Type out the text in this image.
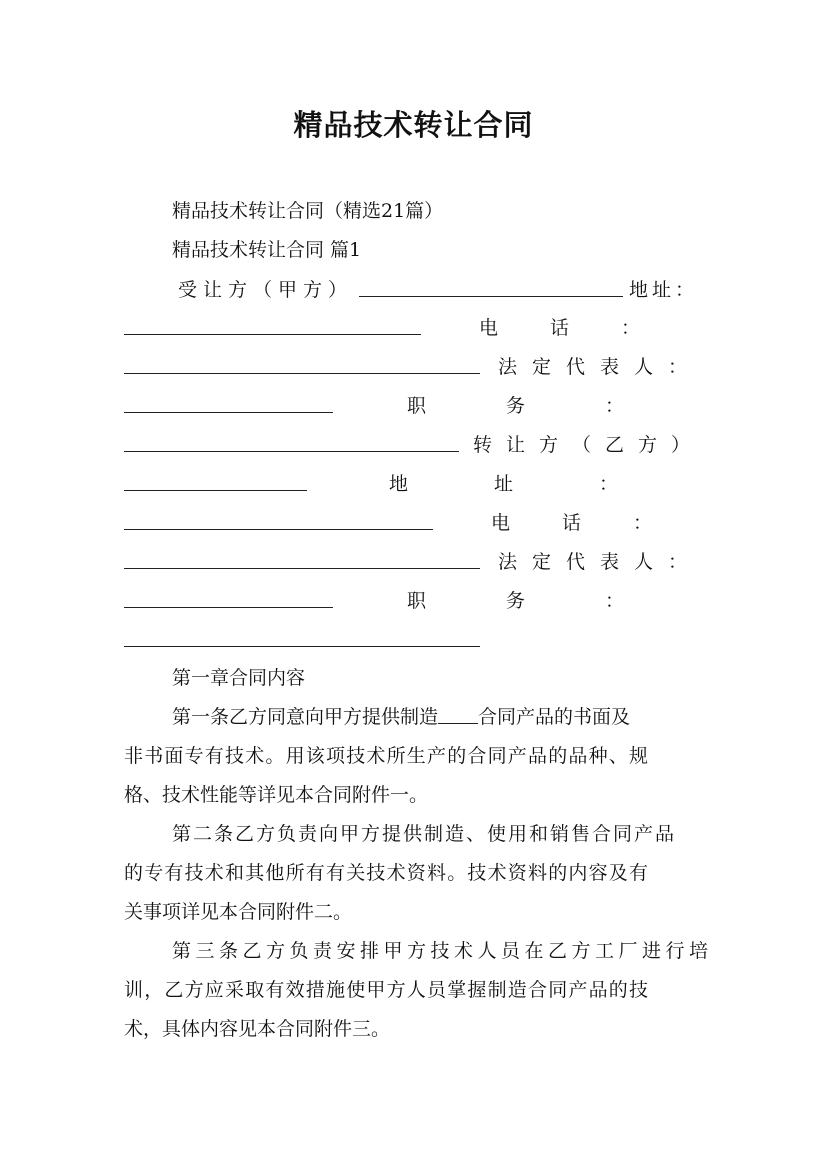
精品技术转让合同
精品技术转让合同（精选21篇）
精品技术转让合同 篇1
受让方（甲方）	地址：
电话：
法定代表人：
职务：
转让方（乙方）
地址：
电话：
法定代表人：
职务：
第一章合同内容
第一条乙方同意向甲方提供制造 合同产品的书面及
非书面专有技术。用该项技术所生产的合同产品的品种、规
格、技术性能等详见本合同附件一。
第二条乙方负责向甲方提供制造、使用和销售合同产品
的专有技术和其他所有有关技术资料。技术资料的内容及有
关事项详见本合同附件二。
第三条乙方负责安排甲方技术人员在乙方工厂进行培
训，乙方应采取有效措施使甲方人员掌握制造合同产品的技
术，具体内容见本合同附件三。
